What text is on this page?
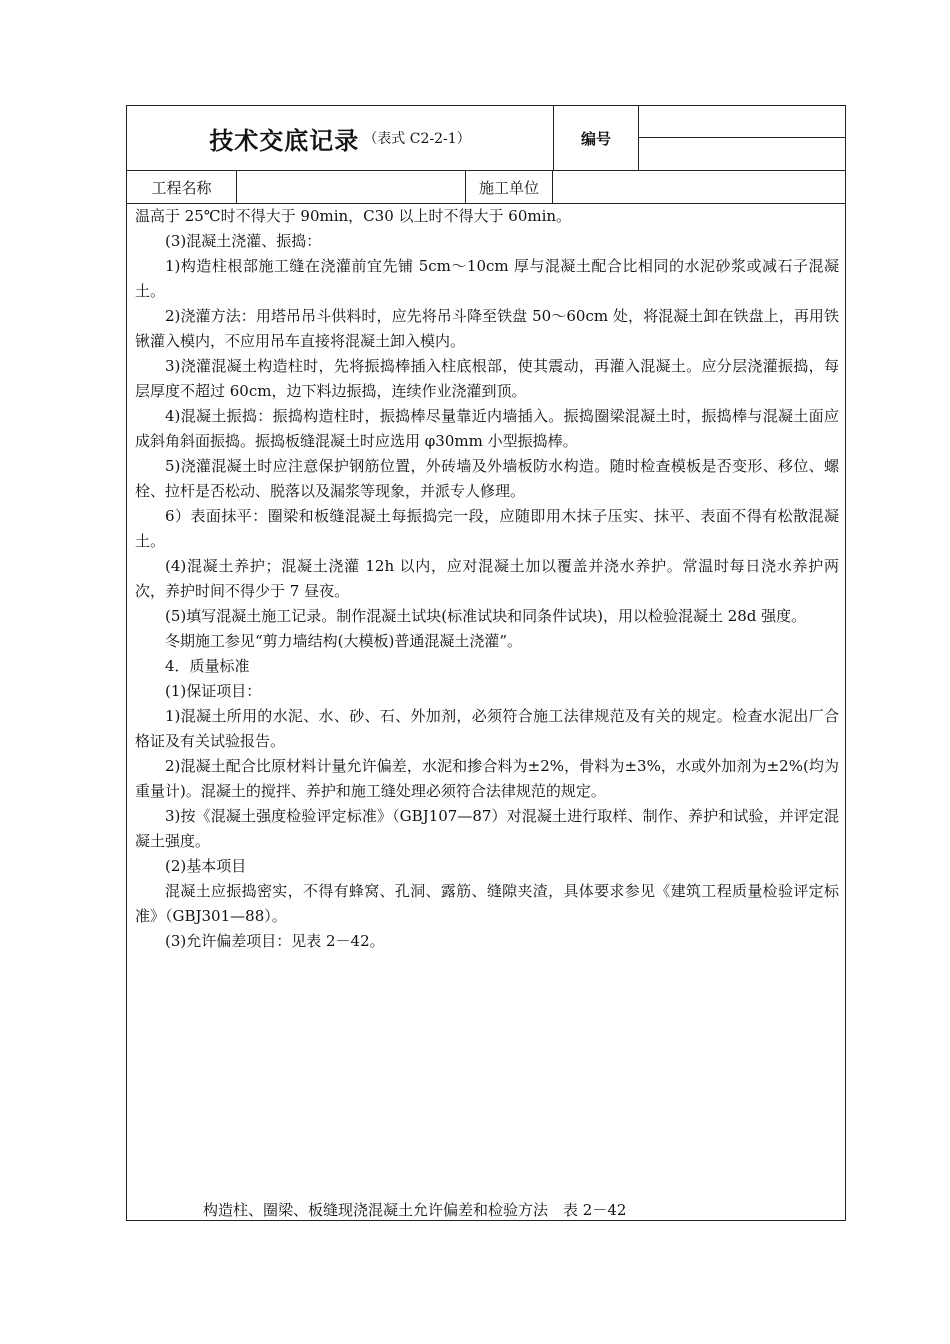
技术交底记录 （表式 C2-2-1）	编号
工程名称	施工单位

温高于 25℃时不得大于 90min，C30 以上时不得大于 60min。

(3)混凝土浇灌、振捣：

1)构造柱根部施工缝在浇灌前宜先铺 5cm～10cm 厚与混凝土配合比相同的水泥砂浆或减石子混凝土。

2)浇灌方法：用塔吊吊斗供料时，应先将吊斗降至铁盘 50～60cm 处，将混凝土卸在铁盘上，再用铁锹灌入模内，不应用吊车直接将混凝土卸入模内。

3)浇灌混凝土构造柱时，先将振捣棒插入柱底根部，使其震动，再灌入混凝土。应分层浇灌振捣，每层厚度不超过 60cm，边下料边振捣，连续作业浇灌到顶。

4)混凝土振捣：振捣构造柱时，振捣棒尽量靠近内墙插入。振捣圈梁混凝土时，振捣棒与混凝土面应成斜角斜面振捣。振捣板缝混凝土时应选用 φ30mm 小型振捣棒。

5)浇灌混凝土时应注意保护钢筋位置，外砖墙及外墙板防水构造。随时检查模板是否变形、移位、螺栓、拉杆是否松动、脱落以及漏浆等现象，并派专人修理。

6）表面抹平：圈梁和板缝混凝土每振捣完一段，应随即用木抹子压实、抹平、表面不得有松散混凝土。

(4)混凝土养护；混凝土浇灌 12h 以内，应对混凝土加以覆盖并浇水养护。常温时每日浇水养护两次，养护时间不得少于 7 昼夜。

(5)填写混凝土施工记录。制作混凝土试块(标准试块和同条件试块)，用以检验混凝土 28d 强度。

冬期施工参见“剪力墙结构(大模板)普通混凝土浇灌”。

4．质量标准

(1)保证项目：

1)混凝土所用的水泥、水、砂、石、外加剂，必须符合施工法律规范及有关的规定。检查水泥出厂合格证及有关试验报告。

2)混凝土配合比原材料计量允许偏差，水泥和掺合料为±2%，骨料为±3%，水或外加剂为±2%(均为重量计)。混凝土的搅拌、养护和施工缝处理必须符合法律规范的规定。

3)按《混凝土强度检验评定标准》（GBJ107—87）对混凝土进行取样、制作、养护和试验，并评定混凝土强度。

(2)基本项目

混凝土应振捣密实，不得有蜂窝、孔洞、露筋、缝隙夹渣，具体要求参见《建筑工程质量检验评定标准》（GBJ301—88）。

(3)允许偏差项目：见表 2－42。

构造柱、圈梁、板缝现浇混凝土允许偏差和检验方法　表 2－42
